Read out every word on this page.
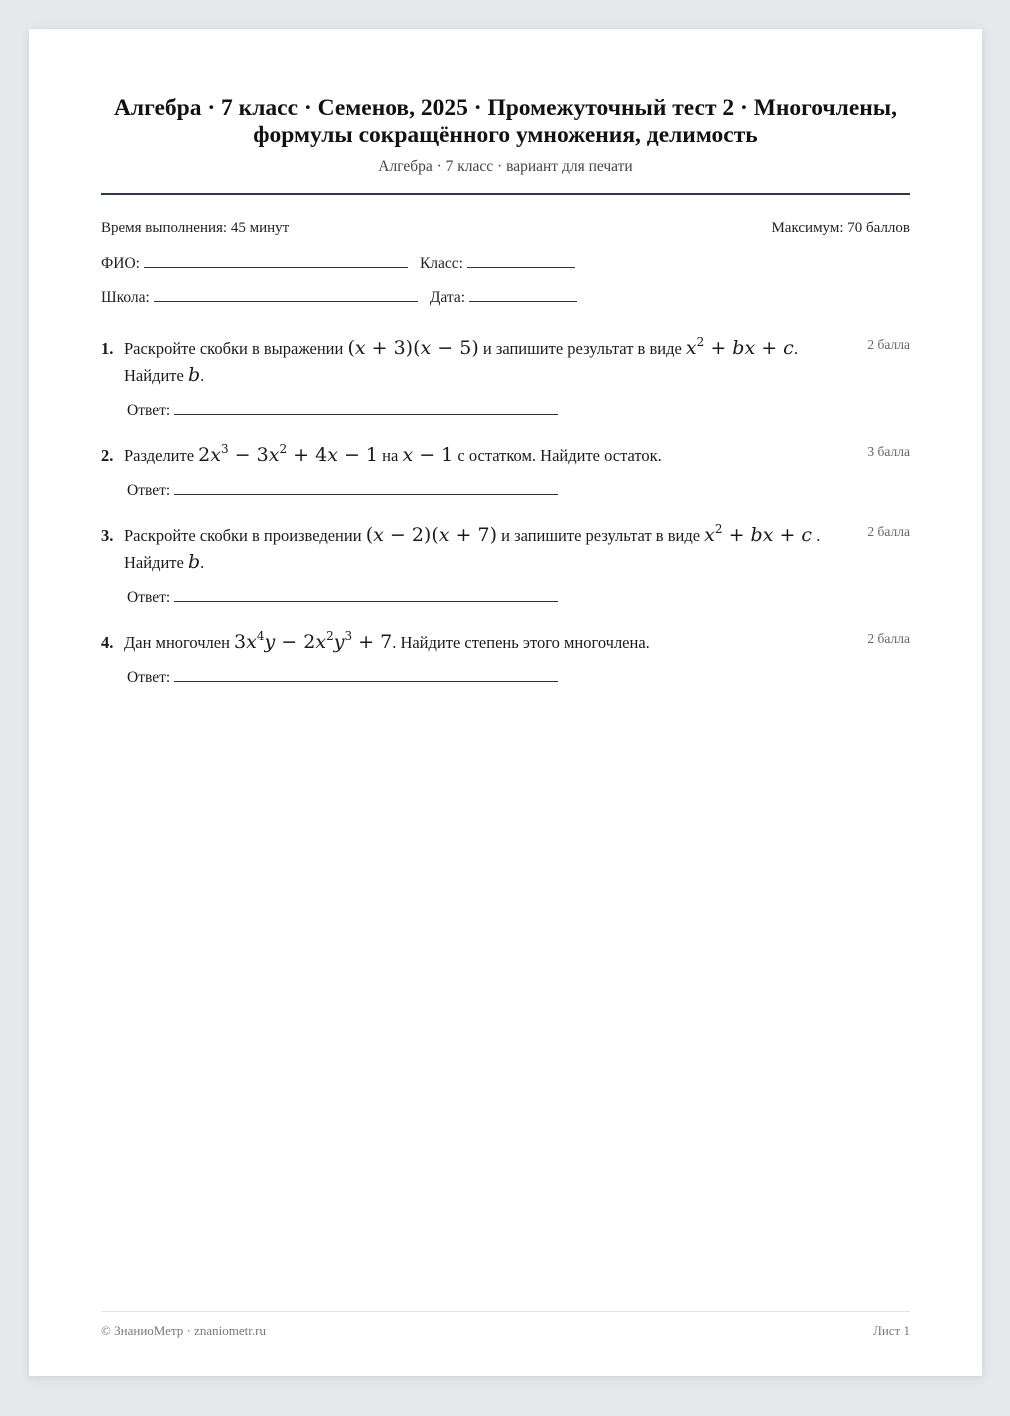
Алгебра · 7 класс · Семенов, 2025 · Промежуточный тест 2 · Многочлены, формулы сокращённого умножения, делимость

Алгебра · 7 класс · вариант для печати

Время выполнения: 45 минут	Максимум: 70 баллов
ФИО:	Класс:
Школа:	Дата:
1.	2 балла
Раскройте скобки в выражении (x + 3)(x − 5) и запишите результат в виде $x^2$ + bx + c. Найдите b.
Ответ:
2.	3 балла
Разделите $2x^3 - 3x^2 + 4x - 1$ на x − 1 с остатком. Найдите остаток.
Ответ:
3.	2 балла
Раскройте скобки в произведении (x − 2)(x + 7) и запишите результат в виде $x^2$ + bx + c . Найдите b.
Ответ:
4.	2 балла
Дан многочлен $3x^4y - 2x^2y^3 + 7$. Найдите степень этого многочлена.
Ответ:
© ЗнаниоМетр · znaniometr.ru	Лист 1
